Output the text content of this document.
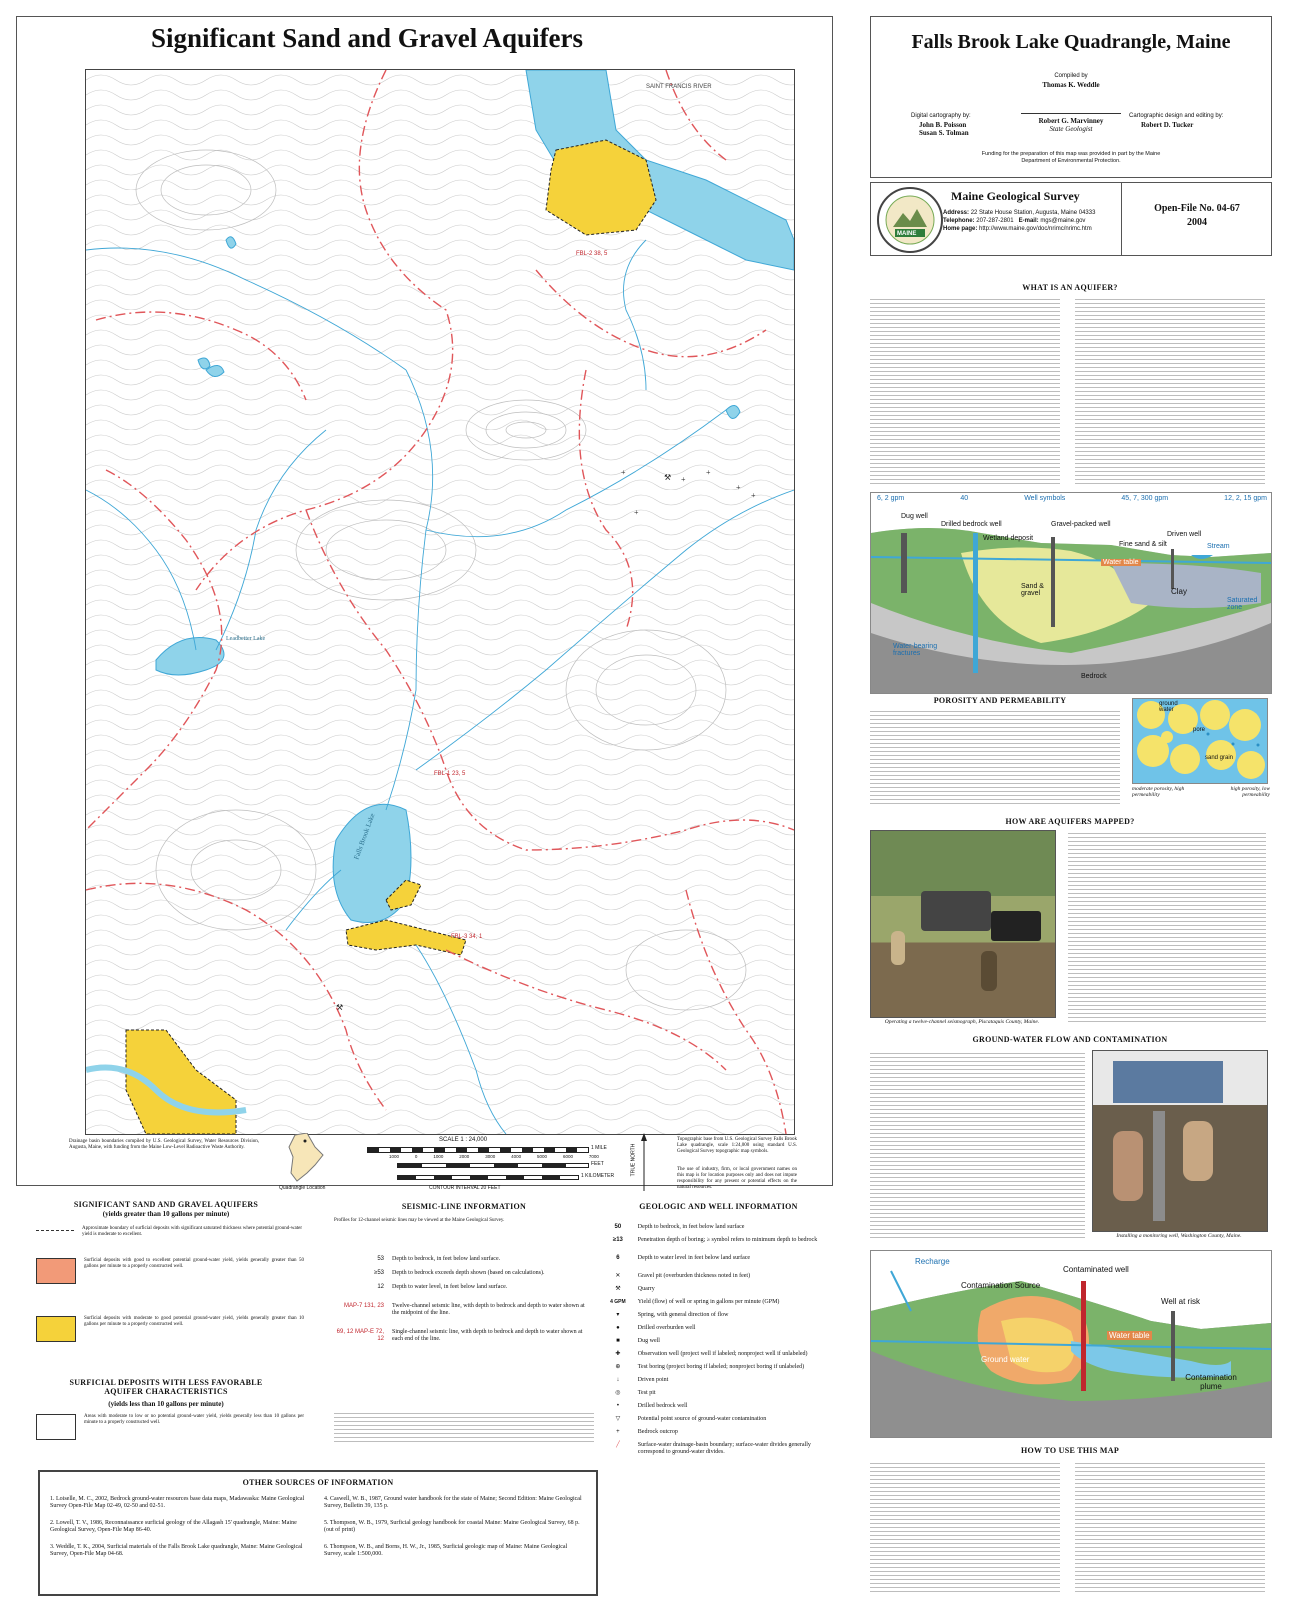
Significant Sand and Gravel Aquifers
Falls Brook Lake
FBL-2 38, 5
FBL-1 23, 5
FBL-3 34, 1
+
⚒ +
+
+
+
+
⚒
Leadbetter Lake
SAINT FRANCIS RIVER
Drainage basin boundaries compiled by U.S. Geological Survey, Water Resources Division, Augusta, Maine, with funding from the Maine Low-Level Radioactive Waste Authority.
Quadrangle Location
SCALE 1 : 24,000
1 MILE
1000	0	1000	2000	3000	4000	5000	6000	7000
FEET
1 KILOMETER
CONTOUR INTERVAL 20 FEET
TRUE NORTH
Topographic base from U.S. Geological Survey Falls Brook Lake quadrangle, scale 1:24,000 using standard U.S. Geological Survey topographic map symbols.
The use of industry, firm, or local government names on this map is for location purposes only and does not impute responsibility for any present or potential effects on the natural resources.
Falls Brook Lake Quadrangle, Maine
Compiled by
Thomas K. Weddle
Digital cartography by:
John B. Poisson
Susan S. Tolman
Robert G. Marvinney
State Geologist
Cartographic design and editing by:
Robert D. Tucker
Funding for the preparation of this map was provided in part by the Maine Department of Environmental Protection.
MAINE
Maine Geological Survey
Address: 22 State House Station, Augusta, Maine 04333
Telephone: 207-287-2801 E-mail: mgs@maine.gov
Home page: http://www.maine.gov/doc/nrimc/nrimc.htm
Open-File No. 04-67
2004
WHAT IS AN AQUIFER?
6, 2 gpm	40	Well symbols	45, 7, 300 gpm	12, 2, 15 gpm
Dug well
Drilled bedrock well	Gravel-packed well
Wetland deposit
Fine sand & silt
Driven well
Stream
Water table
Sand & gravel	Clay
Saturated zone
Water-bearing fractures
Bedrock
POROSITY AND PERMEABILITY	ground water
pore
sand grain
moderate porosity, high permeability
high porosity, low permeability
HOW ARE AQUIFERS MAPPED?
Operating a twelve-channel seismograph, Piscataquis County, Maine.
GROUND-WATER FLOW AND CONTAMINATION
Installing a monitoring well, Washington County, Maine.
Recharge
Contamination Source
Contaminated well
Well at risk
Water table
Ground water
Contamination plume
HOW TO USE THIS MAP
SIGNIFICANT SAND AND GRAVEL AQUIFERS
(yields greater than 10 gallons per minute)
Approximate boundary of surficial deposits with significant saturated thickness where potential ground-water yield is moderate to excellent.
Surficial deposits with good to excellent potential ground-water yield, yields generally greater than 50 gallons per minute to a properly constructed well.
Surficial deposits with moderate to good potential ground-water yield, yields generally greater than 10 gallons per minute to a properly constructed well.
SURFICIAL DEPOSITS WITH LESS FAVORABLE AQUIFER CHARACTERISTICS
(yields less than 10 gallons per minute)
Areas with moderate to low or no potential ground-water yield, yields generally less than 10 gallons per minute to a properly constructed well.
SEISMIC-LINE INFORMATION
Profiles for 12-channel seismic lines may be viewed at the Maine Geological Survey.
53 Depth to bedrock, in feet below land surface.
≥53 Depth to bedrock exceeds depth shown (based on calculations).
12 Depth to water level, in feet below land surface.
MAP-7 131, 23 Twelve-channel seismic line, with depth to bedrock and depth to water shown at the midpoint of the line.
69, 12 MAP-E 72, 12
Single-channel seismic line, with depth to bedrock and depth to water shown at each end of the line.
GEOLOGIC AND WELL INFORMATION
50	Depth to bedrock, in feet below land surface
≥13	Penetration depth of boring; ≥ symbol refers to minimum depth to bedrock
6	Depth to water level in feet below land surface
✕	Gravel pit (overburden thickness noted in feet)
⚒	Quarry
4 GPM	Yield (flow) of well or spring in gallons per minute (GPM)
▾	Spring, with general direction of flow
●	Drilled overburden well
■	Dug well
✚	Observation well (project well if labeled; nonproject well if unlabeled)
⊕	Test boring (project boring if labeled; nonproject boring if unlabeled)
↓	Driven point
◎	Test pit
•	Drilled bedrock well
▽	Potential point source of ground-water contamination
+	Bedrock outcrop
╱	Surface-water drainage-basin boundary; surface-water divides generally correspond to ground-water divides.
OTHER SOURCES OF INFORMATION
1. Loiselle, M. C., 2002, Bedrock ground-water resources base data maps, Madawaska: Maine Geological Survey Open-File Map 02-49, 02-50 and 02-51.
2. Lowell, T. V., 1986, Reconnaissance surficial geology of the Allagash 15' quadrangle, Maine: Maine Geological Survey, Open-File Map 86-40.
3. Weddle, T. K., 2004, Surficial materials of the Falls Brook Lake quadrangle, Maine: Maine Geological Survey, Open-File Map 04-68.
4. Caswell, W. B., 1987, Ground water handbook for the state of Maine; Second Edition: Maine Geological Survey, Bulletin 39, 135 p.
5. Thompson, W. B., 1979, Surficial geology handbook for coastal Maine: Maine Geological Survey, 68 p. (out of print)
6. Thompson, W. B., and Borns, H. W., Jr., 1985, Surficial geologic map of Maine: Maine Geological Survey, scale 1:500,000.
